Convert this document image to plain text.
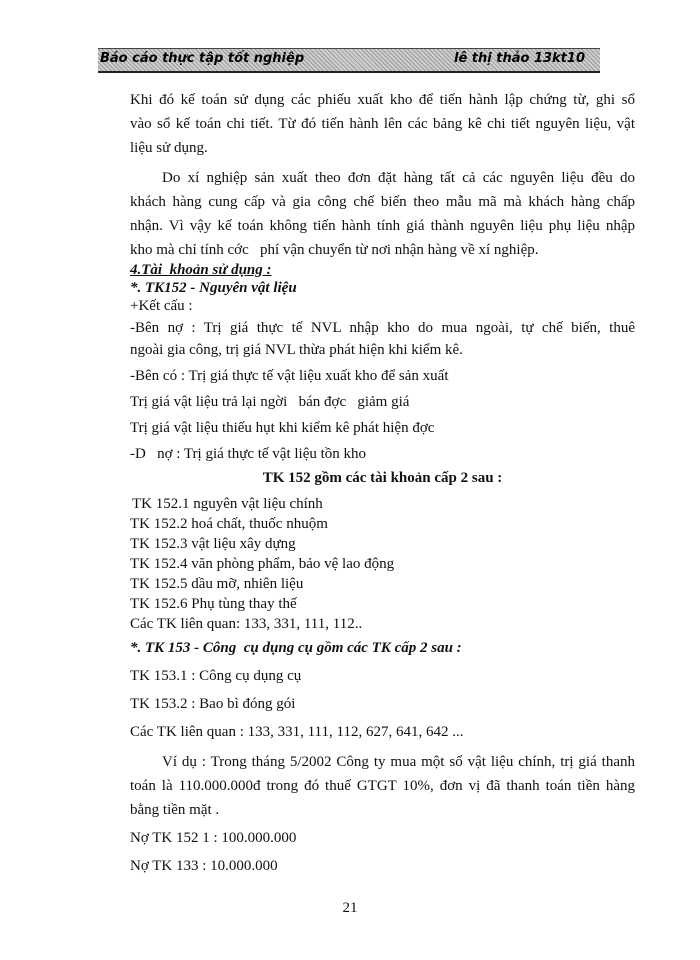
Báo cáo thực tập tốt nghiệp	lê thị thảo 13kt10
Khi đó kế toán sử dụng các phiếu xuất kho để tiến hành lập chứng từ, ghi sổ
vào sổ kế toán chi tiết. Từ đó tiến hành lên các bảng kê chi tiết nguyên liệu, vật
liệu sử dụng.
Do xí nghiệp sản xuất theo đơn đặt hàng tất cả các nguyên liệu đều do
khách hàng cung cấp và gia công chế biến theo mẫu mã mà khách hàng chấp
nhận. Vì vậy kế toán không tiến hành tính giá thành nguyên liệu phụ liệu nhập
kho mà chỉ tính cớc   phí vận chuyển từ nơi nhận hàng về xí nghiệp.
4.Tài  khoản sử dụng :
*. TK152 - Nguyên vật liệu
+Kết cấu :
-Bên nợ : Trị giá thực tế NVL nhập kho do mua ngoài, tự chế biến, thuê
ngoài gia công, trị giá NVL thừa phát hiện khi kiểm kê.
-Bên có : Trị giá thực tế vật liệu xuất kho để sản xuất
Trị giá vật liệu trả lại ngời   bán đợc   giảm giá
Trị giá vật liệu thiếu hụt khi kiểm kê phát hiện đợc
-D   nợ : Trị giá thực tế vật liệu tồn kho
TK 152 gồm các tài khoản cấp 2 sau :
TK 152.1 nguyên vật liệu chính
TK 152.2 hoá chất, thuốc nhuộm
TK 152.3 vật liệu xây dựng
TK 152.4 văn phòng phẩm, bảo vệ lao động
TK 152.5 dầu mỡ, nhiên liệu
TK 152.6 Phụ tùng thay thế
Các TK liên quan: 133, 331, 111, 112..
*. TK 153 - Công  cụ dụng cụ gồm các TK cấp 2 sau :
TK 153.1 : Công cụ dụng cụ
TK 153.2 : Bao bì đóng gói
Các TK liên quan : 133, 331, 111, 112, 627, 641, 642 ...
Ví dụ : Trong tháng 5/2002 Công ty mua một số vật liệu chính, trị giá thanh
toán là 110.000.000đ trong đó thuế GTGT 10%, đơn vị đã thanh toán tiền hàng
bằng tiền mặt .
Nợ TK 152 1 : 100.000.000
Nợ TK 133 : 10.000.000
21
